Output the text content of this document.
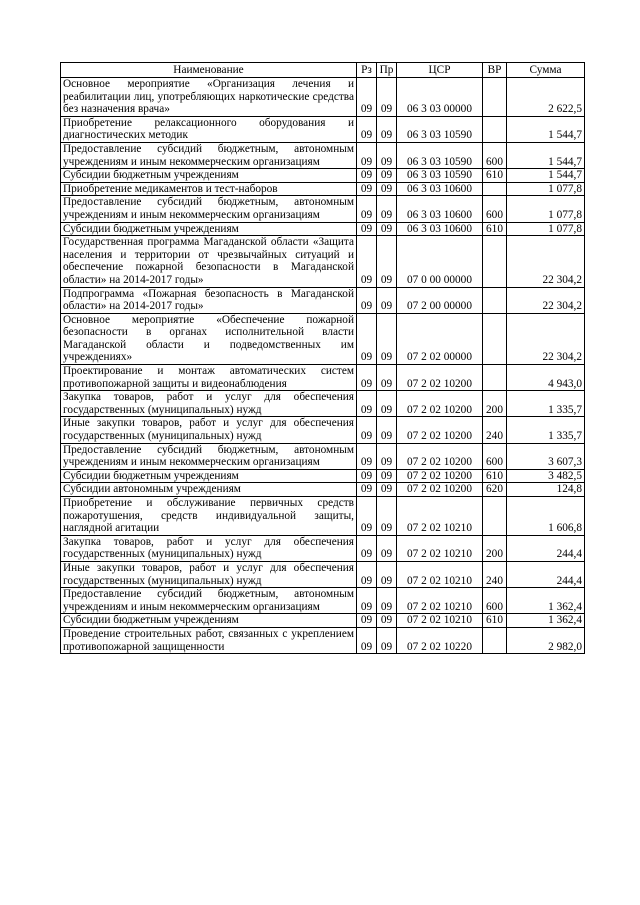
Наименование	Рз	Пр	ЦСР	ВР	Сумма
Основное мероприятие «Организация лечения и реабилитации лиц, употребляющих наркотические средства без назначения врача»	09	09	06 3 03 00000		2 622,5
Приобретение релаксационного оборудования и диагностических методик	09	09	06 3 03 10590		1 544,7
Предоставление субсидий бюджетным, автономным учреждениям и иным некоммерческим организациям	09	09	06 3 03 10590	600	1 544,7
Субсидии бюджетным учреждениям	09	09	06 3 03 10590	610	1 544,7
Приобретение медикаментов и тест-наборов	09	09	06 3 03 10600		1 077,8
Предоставление субсидий бюджетным, автономным учреждениям и иным некоммерческим организациям	09	09	06 3 03 10600	600	1 077,8
Субсидии бюджетным учреждениям	09	09	06 3 03 10600	610	1 077,8
Государственная программа Магаданской области «Защита населения и территории от чрезвычайных ситуаций и обеспечение пожарной безопасности в Магаданской области» на 2014-2017 годы»	09	09	07 0 00 00000		22 304,2
Подпрограмма «Пожарная безопасность в Магаданской области» на 2014-2017 годы»	09	09	07 2 00 00000		22 304,2
Основное мероприятие «Обеспечение пожарной безопасности в органах исполнительной власти Магаданской области и подведомственных им учреждениях»	09	09	07 2 02 00000		22 304,2
Проектирование и монтаж автоматических систем противопожарной защиты и видеонаблюдения	09	09	07 2 02 10200		4 943,0
Закупка товаров, работ и услуг для обеспечения государственных (муниципальных) нужд	09	09	07 2 02 10200	200	1 335,7
Иные закупки товаров, работ и услуг для обеспечения государственных (муниципальных) нужд	09	09	07 2 02 10200	240	1 335,7
Предоставление субсидий бюджетным, автономным учреждениям и иным некоммерческим организациям	09	09	07 2 02 10200	600	3 607,3
Субсидии бюджетным учреждениям	09	09	07 2 02 10200	610	3 482,5
Субсидии автономным учреждениям	09	09	07 2 02 10200	620	124,8
Приобретение и обслуживание первичных средств пожаротушения, средств индивидуальной защиты, наглядной агитации	09	09	07 2 02 10210		1 606,8
Закупка товаров, работ и услуг для обеспечения государственных (муниципальных) нужд	09	09	07 2 02 10210	200	244,4
Иные закупки товаров, работ и услуг для обеспечения государственных (муниципальных) нужд	09	09	07 2 02 10210	240	244,4
Предоставление субсидий бюджетным, автономным учреждениям и иным некоммерческим организациям	09	09	07 2 02 10210	600	1 362,4
Субсидии бюджетным учреждениям	09	09	07 2 02 10210	610	1 362,4
Проведение строительных работ, связанных с укреплением противопожарной защищенности	09	09	07 2 02 10220		2 982,0
